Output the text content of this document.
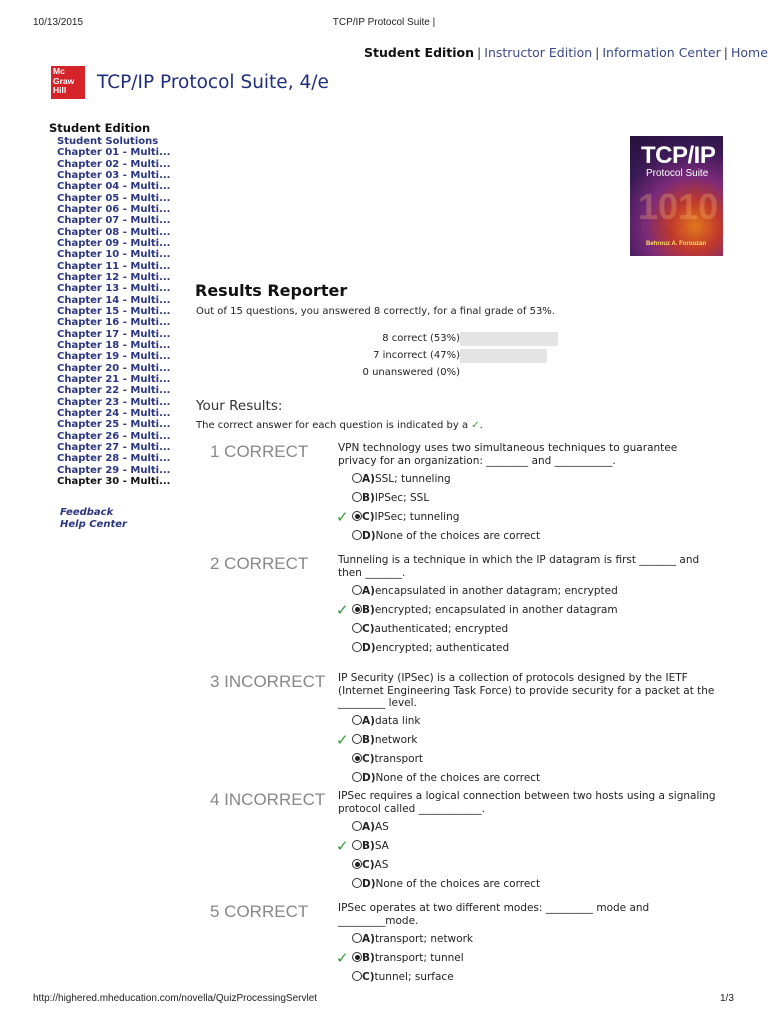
10/13/2015	TCP/IP Protocol Suite |
http://highered.mheducation.com/novella/QuizProcessingServlet	1/3
Student Edition | Instructor Edition | Information Center | Home
Mc
Graw
Hill	TCP/IP Protocol Suite, 4/e
Student Edition
Student Solutions
Chapter 01 - Multi...
Chapter 02 - Multi...
Chapter 03 - Multi...
Chapter 04 - Multi...
Chapter 05 - Multi...
Chapter 06 - Multi...
Chapter 07 - Multi...
Chapter 08 - Multi...
Chapter 09 - Multi...
Chapter 10 - Multi...
Chapter 11 - Multi...
Chapter 12 - Multi...
Chapter 13 - Multi...
Chapter 14 - Multi...
Chapter 15 - Multi...
Chapter 16 - Multi...
Chapter 17 - Multi...
Chapter 18 - Multi...
Chapter 19 - Multi...
Chapter 20 - Multi...
Chapter 21 - Multi...
Chapter 22 - Multi...
Chapter 23 - Multi...
Chapter 24 - Multi...
Chapter 25 - Multi...
Chapter 26 - Multi...
Chapter 27 - Multi...
Chapter 28 - Multi...
Chapter 29 - Multi...
Chapter 30 - Multi...
Feedback
Help Center
1010
TCP/IP
Protocol Suite
Behrouz A. Forouzan
Results Reporter
Out of 15 questions, you answered 8 correctly, for a final grade of 53%.
8 correct (53%)
7 incorrect (47%)
0 unanswered (0%)
Your Results:
The correct answer for each question is indicated by a ✓.
1 CORRECT	VPN technology uses two simultaneous techniques to guarantee privacy for an organization: ________ and ___________.
A)SSL; tunneling
B)IPSec; SSL
✓	C)IPSec; tunneling
D)None of the choices are correct
2 CORRECT	Tunneling is a technique in which the IP datagram is first _______ and then _______.
A)encapsulated in another datagram; encrypted
✓	B)encrypted; encapsulated in another datagram
C)authenticated; encrypted
D)encrypted; authenticated
3 INCORRECT IP Security (IPSec) is a collection of protocols designed by the IETF (Internet Engineering Task Force) to provide security for a packet at the _________ level.
A)data link
✓	B)network
C)transport
D)None of the choices are correct
4 INCORRECT IPSec requires a logical connection between two hosts using a signaling protocol called ____________.
A)AS
✓	B)SA
C)AS
D)None of the choices are correct
5 CORRECT	IPSec operates at two different modes: _________ mode and _________mode.
A)transport; network
✓	B)transport; tunnel
C)tunnel; surface
